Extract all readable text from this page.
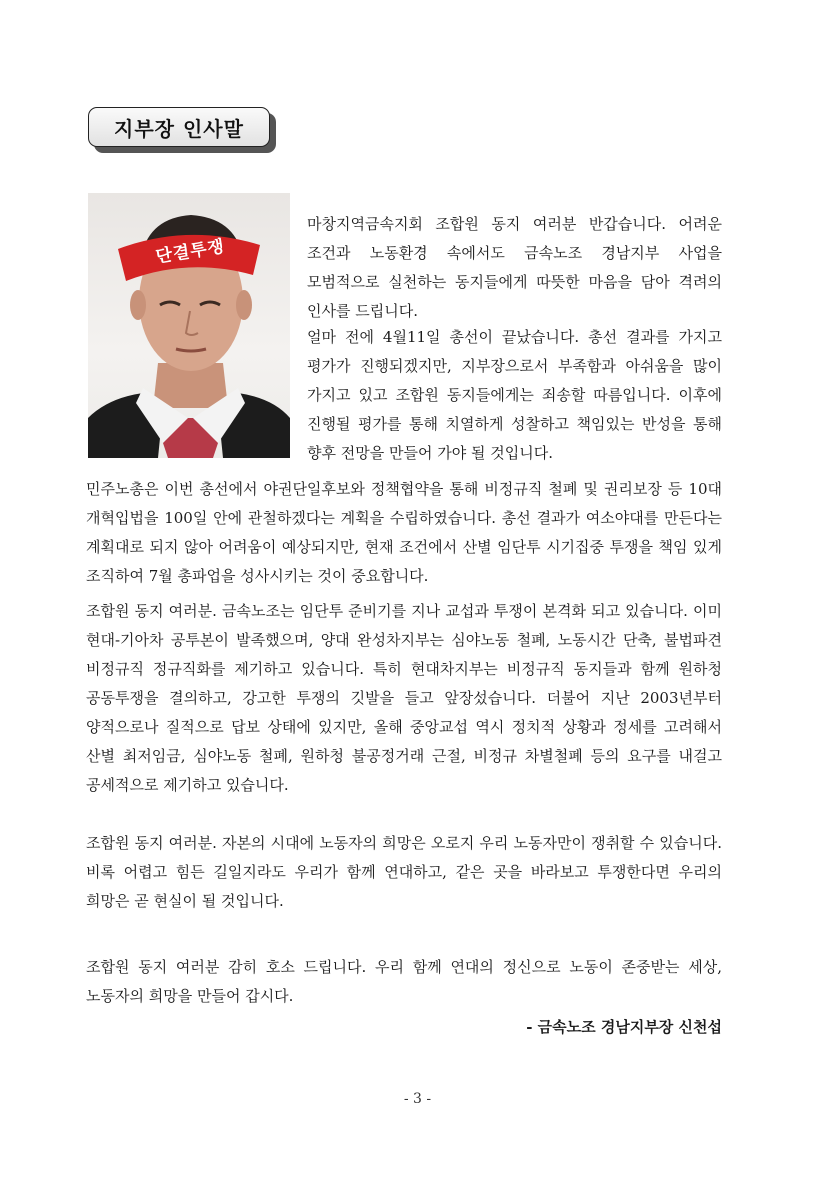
지부장 인사말
단결투쟁

마창지역금속지회 조합원 동지 여러분 반갑습니다. 어려운 조건과 노동환경 속에서도 금속노조 경남지부 사업을 모범적으로 실천하는 동지들에게 따뜻한 마음을 담아 격려의 인사를 드립니다.

얼마 전에 4월11일 총선이 끝났습니다. 총선 결과를 가지고 평가가 진행되겠지만, 지부장으로서 부족함과 아쉬움을 많이 가지고 있고 조합원 동지들에게는 죄송할 따름입니다. 이후에 진행될 평가를 통해 치열하게 성찰하고 책임있는 반성을 통해 향후 전망을 만들어 가야 될 것입니다.

민주노총은 이번 총선에서 야권단일후보와 정책협약을 통해 비정규직 철폐 및 권리보장 등 10대 개혁입법을 100일 안에 관철하겠다는 계획을 수립하였습니다. 총선 결과가 여소야대를 만든다는 계획대로 되지 않아 어려움이 예상되지만, 현재 조건에서 산별 임단투 시기집중 투쟁을 책임 있게 조직하여 7월 총파업을 성사시키는 것이 중요합니다.

조합원 동지 여러분. 금속노조는 임단투 준비기를 지나 교섭과 투쟁이 본격화 되고 있습니다. 이미 현대-기아차 공투본이 발족했으며, 양대 완성차지부는 심야노동 철폐, 노동시간 단축, 불법파견 비정규직 정규직화를 제기하고 있습니다. 특히 현대차지부는 비정규직 동지들과 함께 원하청 공동투쟁을 결의하고, 강고한 투쟁의 깃발을 들고 앞장섰습니다. 더불어 지난 2003년부터 양적으로나 질적으로 답보 상태에 있지만, 올해 중앙교섭 역시 정치적 상황과 정세를 고려해서 산별 최저임금, 심야노동 철폐, 원하청 불공정거래 근절, 비정규 차별철폐 등의 요구를 내걸고 공세적으로 제기하고 있습니다.

조합원 동지 여러분. 자본의 시대에 노동자의 희망은 오로지 우리 노동자만이 쟁취할 수 있습니다. 비록 어렵고 힘든 길일지라도 우리가 함께 연대하고, 같은 곳을 바라보고 투쟁한다면 우리의 희망은 곧 현실이 될 것입니다.

조합원 동지 여러분 감히 호소 드립니다. 우리 함께 연대의 정신으로 노동이 존중받는 세상, 노동자의 희망을 만들어 갑시다.

- 금속노조 경남지부장 신천섭
- 3 -
